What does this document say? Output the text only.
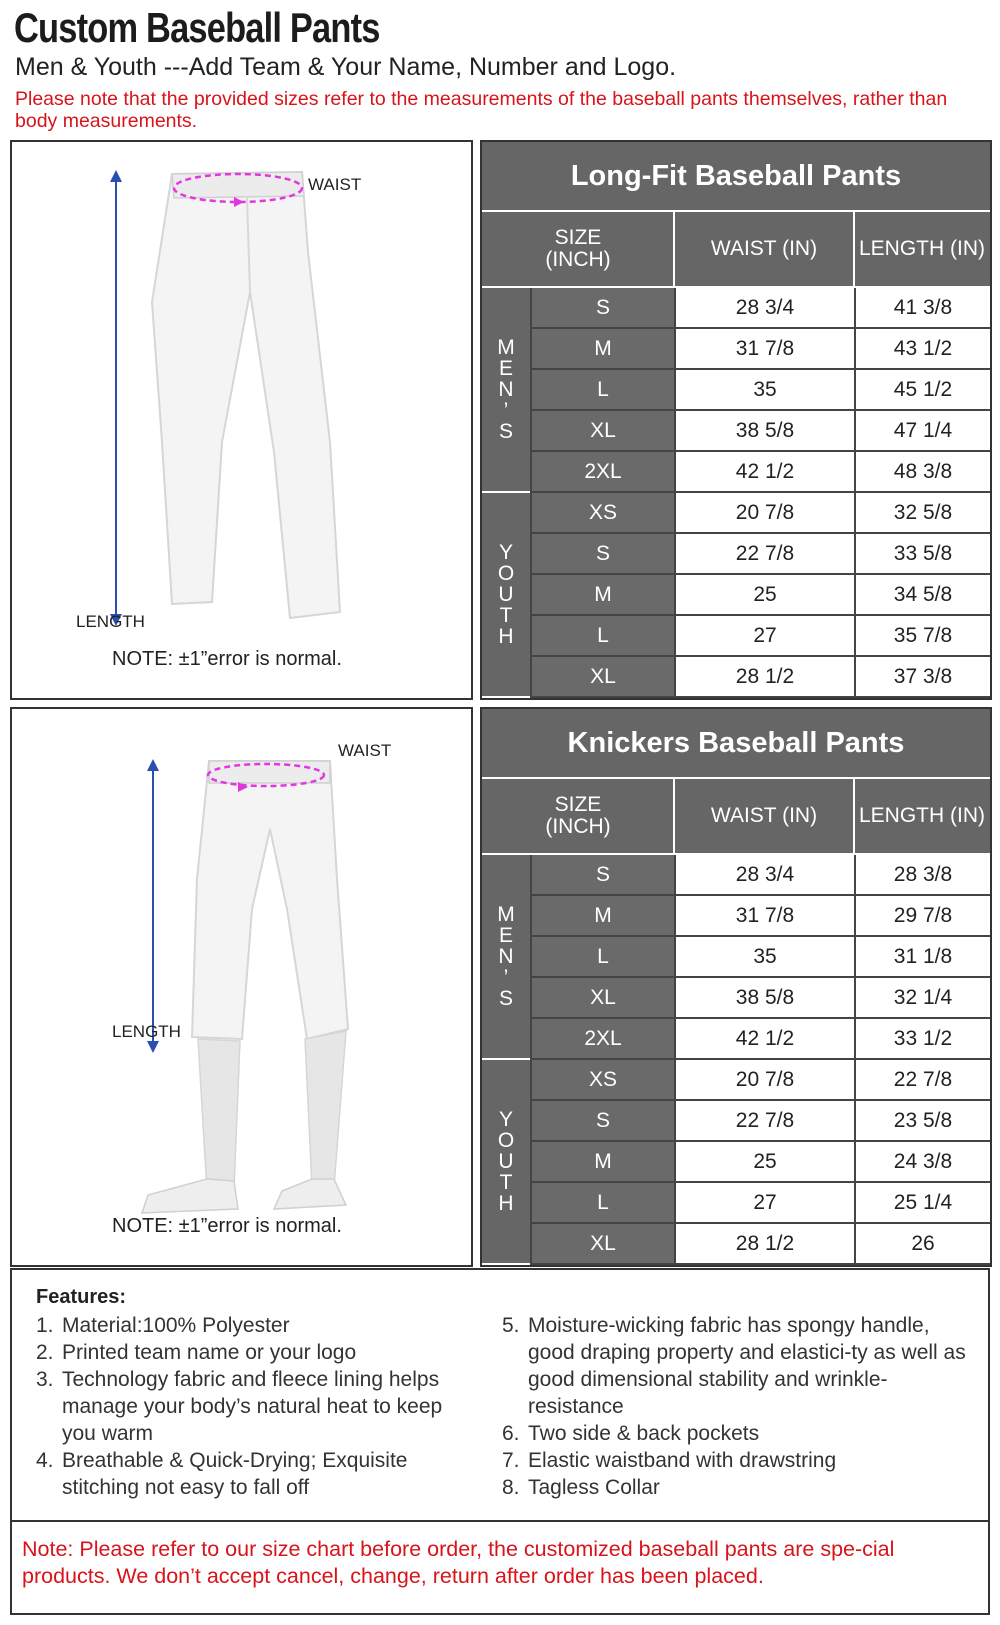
Custom Baseball Pants
Men & Youth ---Add Team & Your Name, Number and Logo.
Please note that the provided sizes refer to the measurements of the baseball pants themselves, rather than body measurements.
WAIST
LENGTH
NOTE: ±1”error is normal.
WAIST
LENGTH
NOTE: ±1”error is normal.
Long-Fit Baseball Pants
SIZE
(INCH)	WAIST (IN)	LENGTH (IN)
M
E
N
’
S
S	28 3/4	41 3/8
M	31 7/8	43 1/2
L	35	45 1/2
XL	38 5/8	47 1/4
2XL	42 1/2	48 3/8
Y
O
U
T
H
XS	20 7/8	32 5/8
S	22 7/8	33 5/8
M	25	34 5/8
L	27	35 7/8
XL	28 1/2	37 3/8
Knickers Baseball Pants
SIZE
(INCH)	WAIST (IN)	LENGTH (IN)
M
E
N
’
S
S	28 3/4	28 3/8
M	31 7/8	29 7/8
L	35	31 1/8
XL	38 5/8	32 1/4
2XL	42 1/2	33 1/2
Y
O
U
T
H
XS	20 7/8	22 7/8
S	22 7/8	23 5/8
M	25	24 3/8
L	27	25 1/4
XL	28 1/2	26
Features:
1. Material:100% Polyester
2. Printed team name or your logo
3. Technology fabric and fleece lining helps manage your body’s natural heat to keep you warm
4. Breathable & Quick-Drying; Exquisite stitching not easy to fall off
5. Moisture-wicking fabric has spongy handle, good draping property and elastici-ty as well as good dimensional stability and wrinkle-resistance
6. Two side & back pockets
7. Elastic waistband with drawstring
8. Tagless Collar
Note: Please refer to our size chart before order, the customized baseball pants are spe-cial products. We don’t accept cancel, change, return after order has been placed.
